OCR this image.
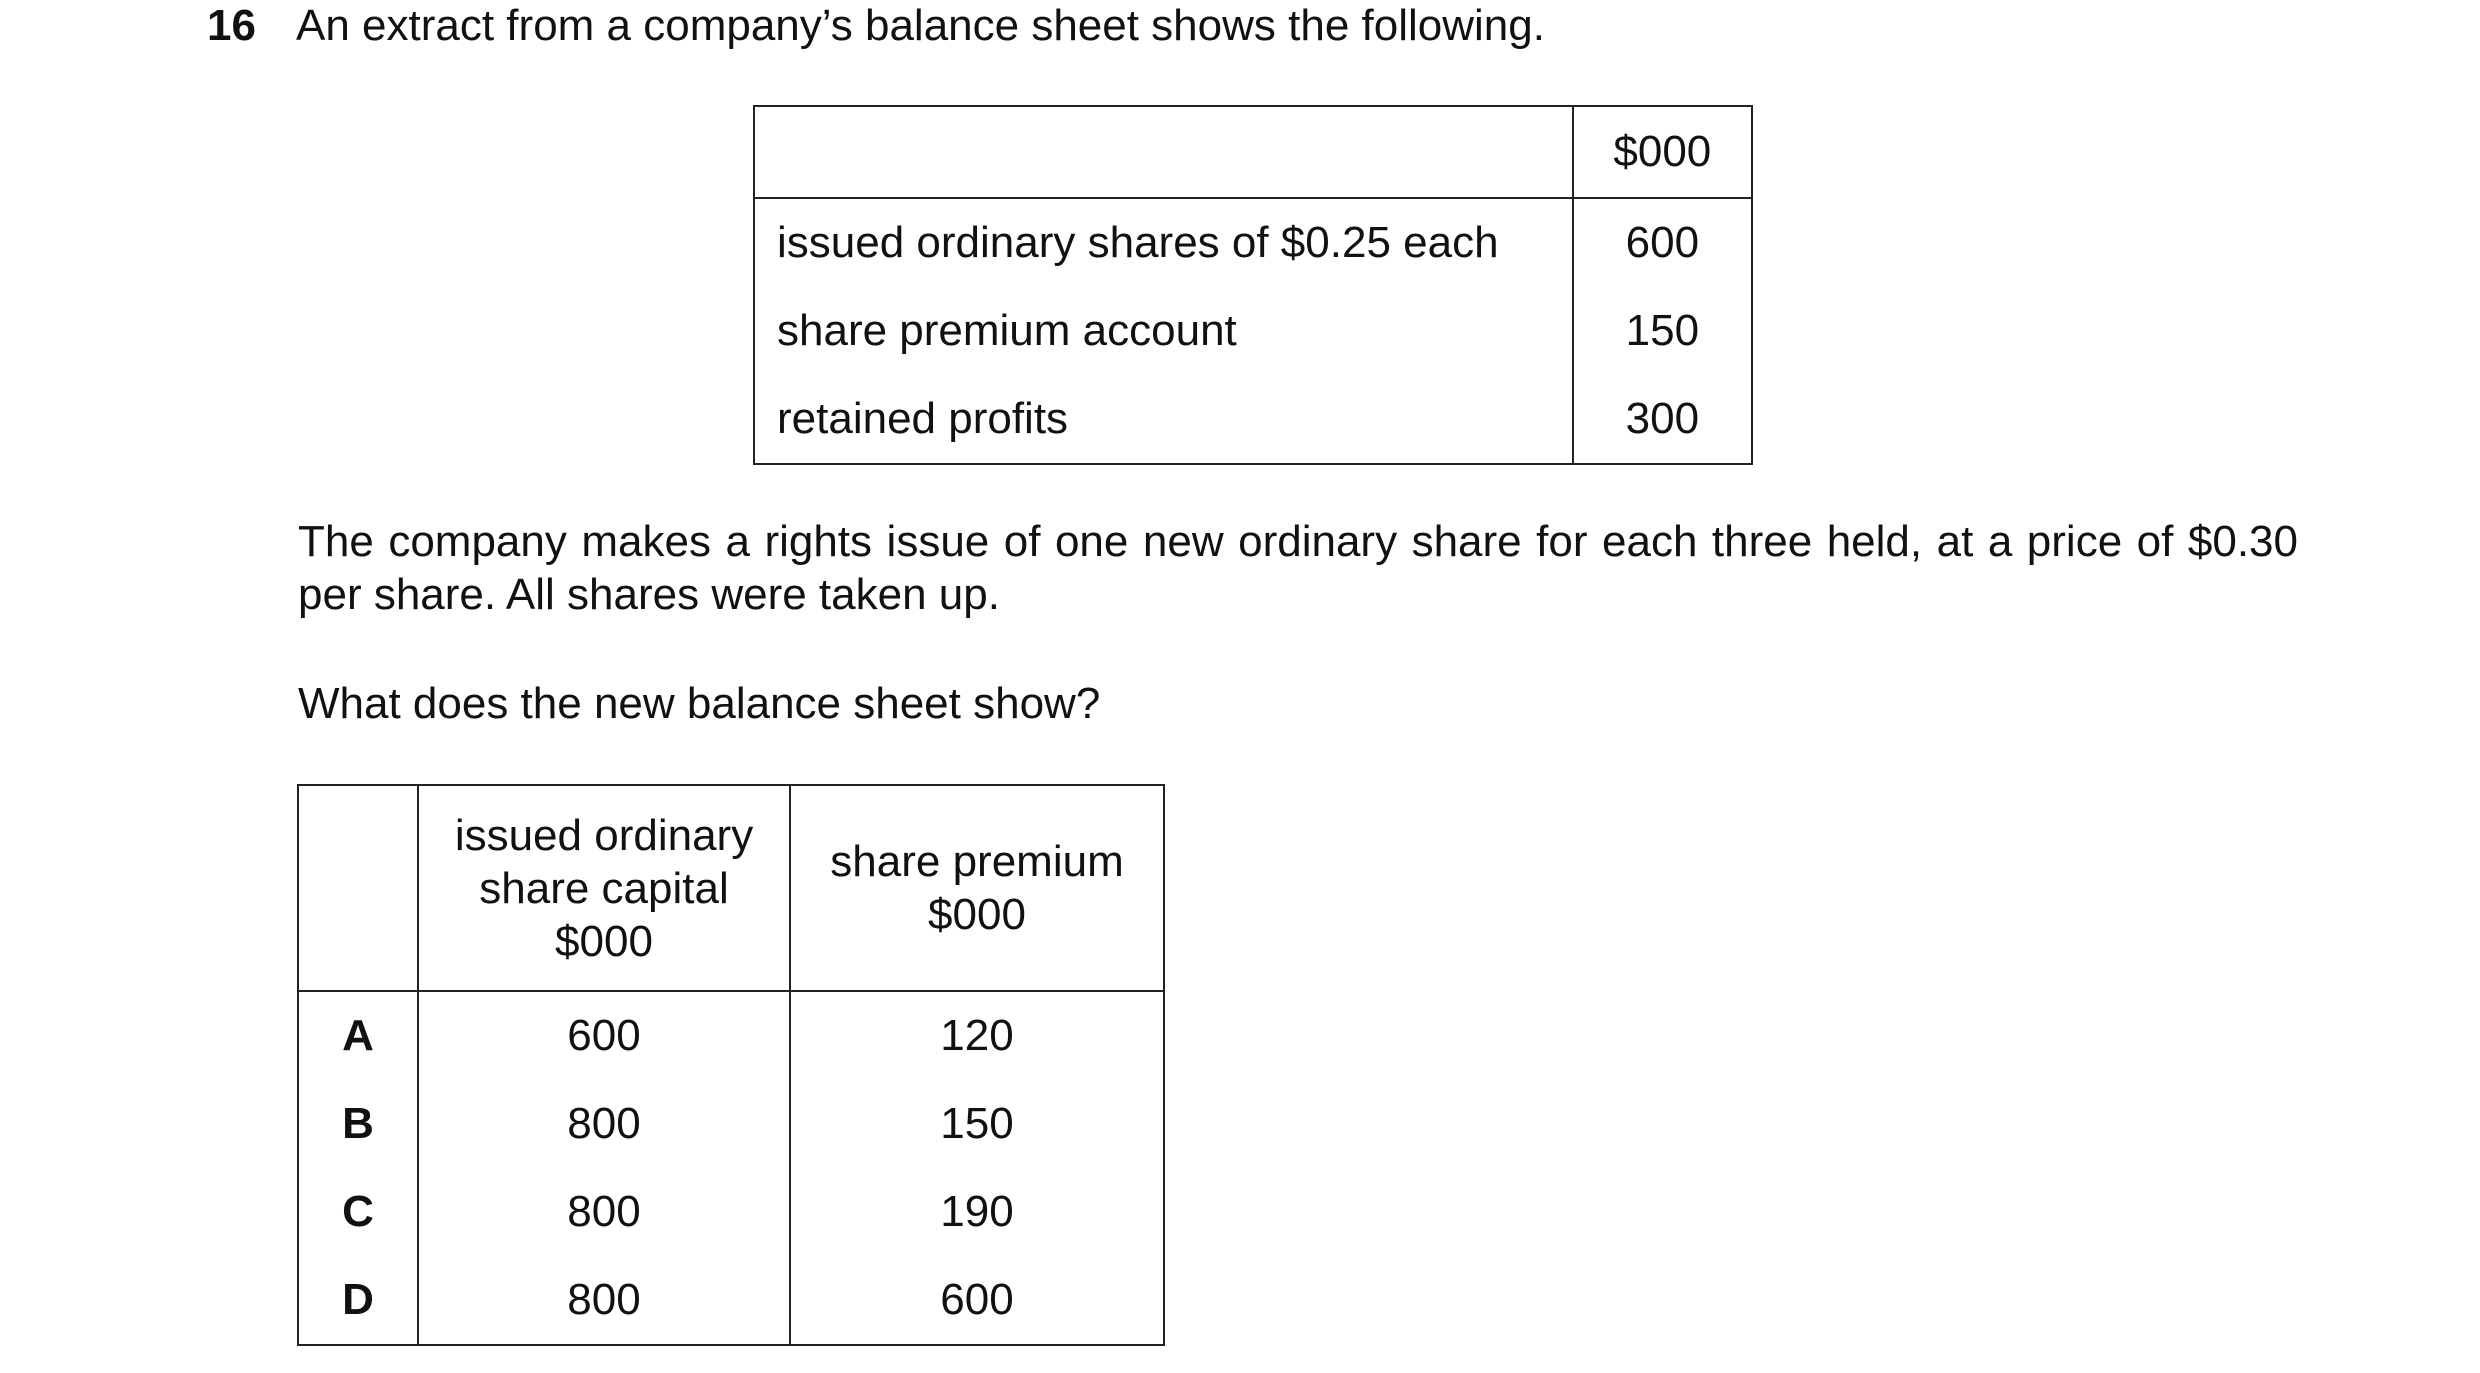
16 An extract from a company’s balance sheet shows the following.
	$000
issued ordinary shares of $0.25 each	600
share premium account	150
retained profits	300
The company makes a rights issue of one new ordinary share for each three held, at a price of $0.30 per share. All shares were taken up.
What does the new balance sheet show?

	issued ordinary
share capital
$000	share premium
$000

A	600	120
B	800	150
C	800	190
D	800	600
